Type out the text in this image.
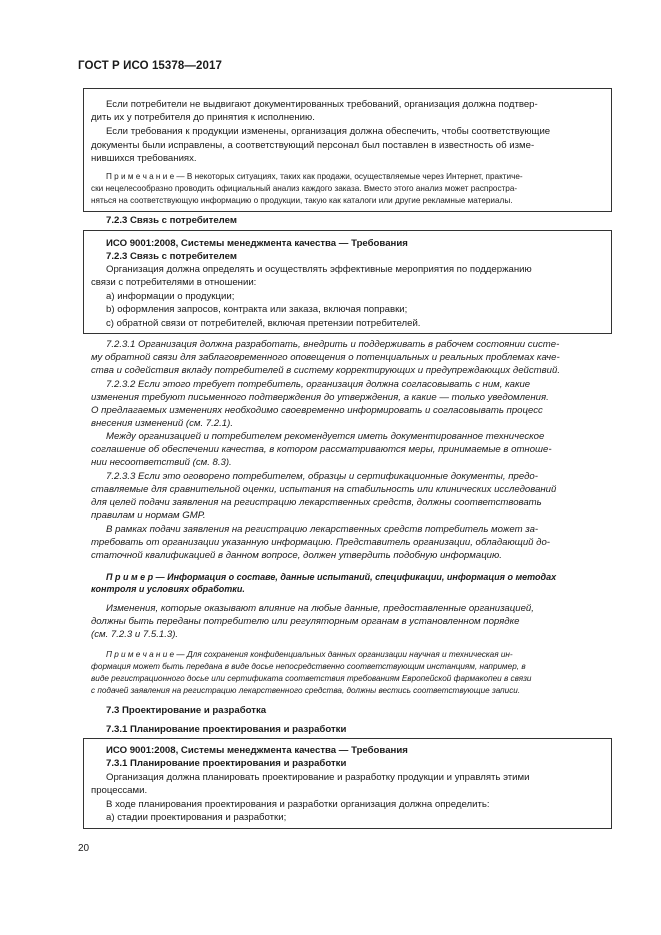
ГОСТ Р ИСО 15378—2017
Если потребители не выдвигают документированных требований, организация должна подтвер-
дить их у потребителя до принятия к исполнению.
Если требования к продукции изменены, организация должна обеспечить, чтобы соответствующие
документы были исправлены, а соответствующий персонал был поставлен в известность об изме-
нившихся требованиях.
П р и м е ч а н и е — В некоторых ситуациях, таких как продажи, осуществляемые через Интернет, практиче-
ски нецелесообразно проводить официальный анализ каждого заказа. Вместо этого анализ может распростра-
няться на соответствующую информацию о продукции, такую как каталоги или другие рекламные материалы.
7.2.3 Связь с потребителем
ИСО 9001:2008, Системы менеджмента качества — Требования
7.2.3 Связь с потребителем
Организация должна определять и осуществлять эффективные мероприятия по поддержанию
связи с потребителями в отношении:
a) информации о продукции;
b) оформления запросов, контракта или заказа, включая поправки;
c) обратной связи от потребителей, включая претензии потребителей.
7.2.3.1 Организация должна разработать, внедрить и поддерживать в рабочем состоянии систе-
му обратной связи для заблаговременного оповещения о потенциальных и реальных проблемах каче-
ства и содействия вкладу потребителей в систему корректирующих и предупреждающих действий.
7.2.3.2 Если этого требует потребитель, организация должна согласовывать с ним, какие
изменения требуют письменного подтверждения до утверждения, а какие — только уведомления.
О предлагаемых изменениях необходимо своевременно информировать и согласовывать процесс
внесения изменений (см. 7.2.1).
Между организацией и потребителем рекомендуется иметь документированное техническое
соглашение об обеспечении качества, в котором рассматриваются меры, принимаемые в отноше-
нии несоответствий (см. 8.3).
7.2.3.3 Если это оговорено потребителем, образцы и сертификационные документы, предо-
ставляемые для сравнительной оценки, испытания на стабильность или клинических исследований
для целей подачи заявления на регистрацию лекарственных средств, должны соответствовать
правилам и нормам GMP.
В рамках подачи заявления на регистрацию лекарственных средств потребитель может за-
требовать от организации указанную информацию. Представитель организации, обладающий до-
статочной квалификацией в данном вопросе, должен утвердить подобную информацию.
П р и м е р — Информация о составе, данные испытаний, спецификации, информация о методах
контроля и условиях обработки.
Изменения, которые оказывают влияние на любые данные, предоставленные организацией,
должны быть переданы потребителю или регуляторным органам в установленном порядке
(см. 7.2.3 и 7.5.1.3).
П р и м е ч а н и е — Для сохранения конфиденциальных данных организации научная и техническая ин-
формация может быть передана в виде досье непосредственно соответствующим инстанциям, например, в
виде регистрационного досье или сертификата соответствия требованиям Европейской фармакопеи в связи
с подачей заявления на регистрацию лекарственного средства, должны вестись соответствующие записи.
7.3 Проектирование и разработка
7.3.1 Планирование проектирования и разработки
ИСО 9001:2008, Системы менеджмента качества — Требования
7.3.1 Планирование проектирования и разработки
Организация должна планировать проектирование и разработку продукции и управлять этими
процессами.
В ходе планирования проектирования и разработки организация должна определить:
a) стадии проектирования и разработки;
20
